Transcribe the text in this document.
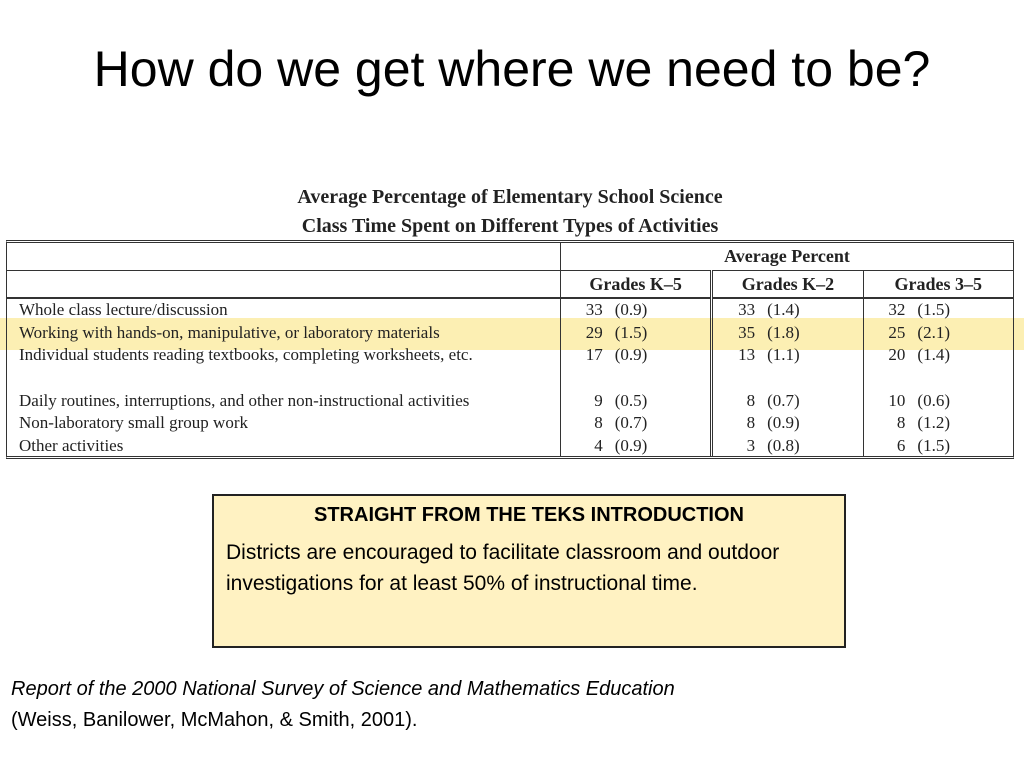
How do we get where we need to be?
Average Percentage of Elementary School Science
Class Time Spent on Different Types of Activities
	Average Percent					
	Grades K–5		Grades K–2		Grades 3–5	
Whole class lecture/discussion	33	(0.9)	33	(1.4)	32	(1.5)
Working with hands-on, manipulative, or laboratory materials	29	(1.5)	35	(1.8)	25	(2.1)
Individual students reading textbooks, completing worksheets, etc.	17	(0.9)	13	(1.1)	20	(1.4)

Daily routines, interruptions, and other non-instructional activities	9	(0.5)	8	(0.7)	10	(0.6)
Non-laboratory small group work	8	(0.7)	8	(0.9)	8	(1.2)
Other activities	4	(0.9)	3	(0.8)	6	(1.5)
STRAIGHT FROM THE TEKS INTRODUCTION
Districts are encouraged to facilitate classroom and outdoor investigations for at least 50% of instructional time.
Report of the 2000 National Survey of Science and Mathematics Education
(Weiss, Banilower, McMahon, & Smith, 2001).
